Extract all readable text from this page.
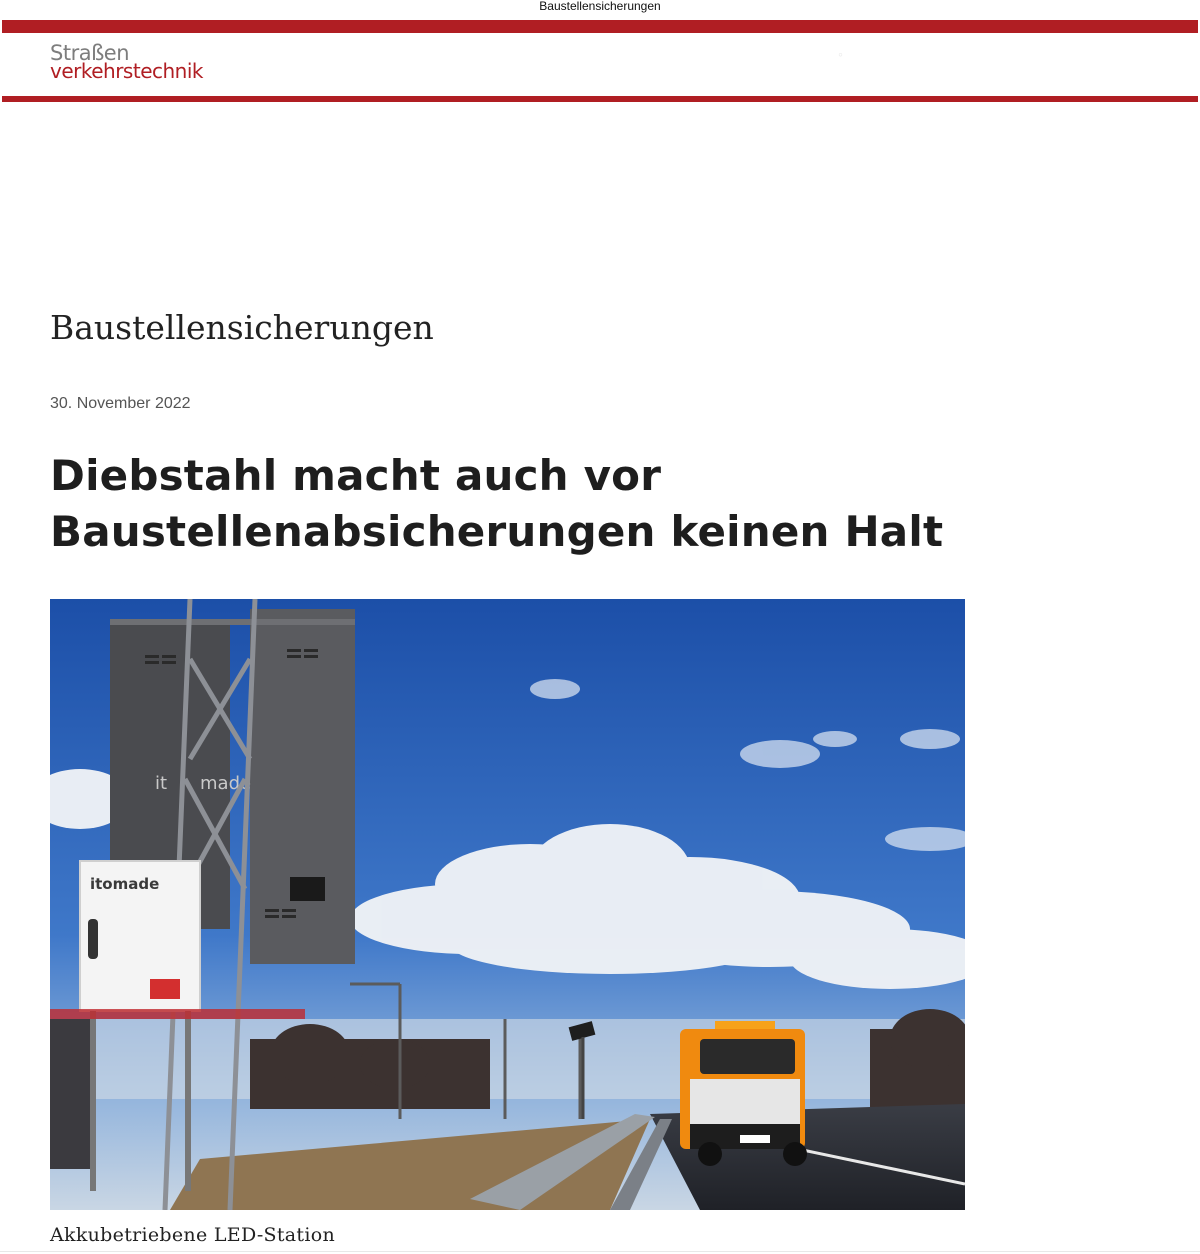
Baustellensicherungen
Straßen
verkehrstechnik
◦
Baustellensicherungen
30. November 2022
Diebstahl macht auch vor Baustellenabsicherungen keinen Halt
it made
itomade
Akkubetriebene LED-Station
